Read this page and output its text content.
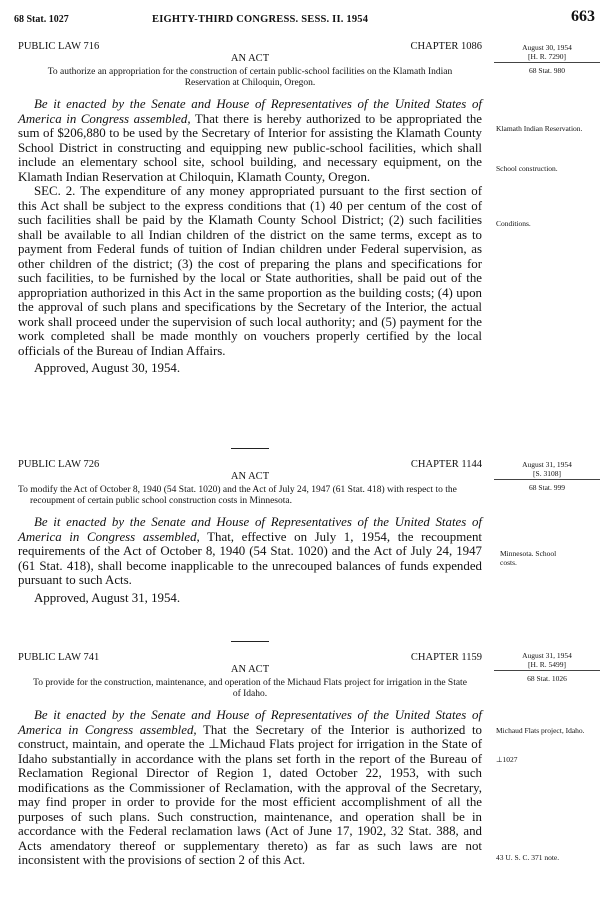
68 Stat. 1027	EIGHTY-THIRD CONGRESS. SESS. II. 1954	663
PUBLIC LAW 716	CHAPTER 1086
AN ACT
To authorize an appropriation for the construction of certain public-school facilities on the Klamath Indian Reservation at Chiloquin, Oregon.

Be it enacted by the Senate and House of Representatives of the United States of America in Congress assembled, That there is hereby authorized to be appropriated the sum of $206,880 to be used by the Secretary of Interior for assisting the Klamath County School District in constructing and equipping new public-school facilities, which shall include an elementary school site, school building, and necessary equipment, on the Klamath Indian Reservation at Chiloquin, Klamath County, Oregon.

SEC. 2. The expenditure of any money appropriated pursuant to the first section of this Act shall be subject to the express conditions that (1) 40 per centum of the cost of such facilities shall be paid by the Klamath County School District; (2) such facilities shall be available to all Indian children of the district on the same terms, except as to payment from Federal funds of tuition of Indian children under Federal supervision, as other children of the district; (3) the cost of preparing the plans and specifications for such facilities, to be furnished by the local or State authorities, shall be paid out of the appropriation authorized in this Act in the same proportion as the building costs; (4) upon the approval of such plans and specifications by the Secretary of the Interior, the actual work shall proceed under the supervision of such local authority; and (5) payment for the work completed shall be made monthly on vouchers properly certified by the local officials of the Bureau of Indian Affairs.

Approved, August 30, 1954.
August 30, 1954
[H. R. 7290]
68 Stat. 980
Klamath Indian Reservation.
School construction.
Conditions.
PUBLIC LAW 726	CHAPTER 1144
AN ACT
To modify the Act of October 8, 1940 (54 Stat. 1020) and the Act of July 24, 1947 (61 Stat. 418) with respect to the recoupment of certain public school construction costs in Minnesota.

Be it enacted by the Senate and House of Representatives of the United States of America in Congress assembled, That, effective on July 1, 1954, the recoupment requirements of the Act of October 8, 1940 (54 Stat. 1020) and the Act of July 24, 1947 (61 Stat. 418), shall become inapplicable to the unrecouped balances of funds expended pursuant to such Acts.

Approved, August 31, 1954.
August 31, 1954
[S. 3108]
68 Stat. 999
Minnesota. School costs.
PUBLIC LAW 741	CHAPTER 1159
AN ACT
To provide for the construction, maintenance, and operation of the Michaud Flats project for irrigation in the State of Idaho.

Be it enacted by the Senate and House of Representatives of the United States of America in Congress assembled, That the Secretary of the Interior is authorized to construct, maintain, and operate the ⊥Michaud Flats project for irrigation in the State of Idaho substantially in accordance with the plans set forth in the report of the Bureau of Reclamation Regional Director of Region 1, dated October 22, 1953, with such modifications as the Commissioner of Reclamation, with the approval of the Secretary, may find proper in order to provide for the most efficient accomplishment of all the purposes of such plans. Such construction, maintenance, and operation shall be in accordance with the Federal reclamation laws (Act of June 17, 1902, 32 Stat. 388, and Acts amendatory thereof or supplementary thereto) as far as such laws are not inconsistent with the provisions of section 2 of this Act.

August 31, 1954
[H. R. 5499]
68 Stat. 1026
Michaud Flats project, Idaho.
⊥1027
43 U. S. C. 371 note.
